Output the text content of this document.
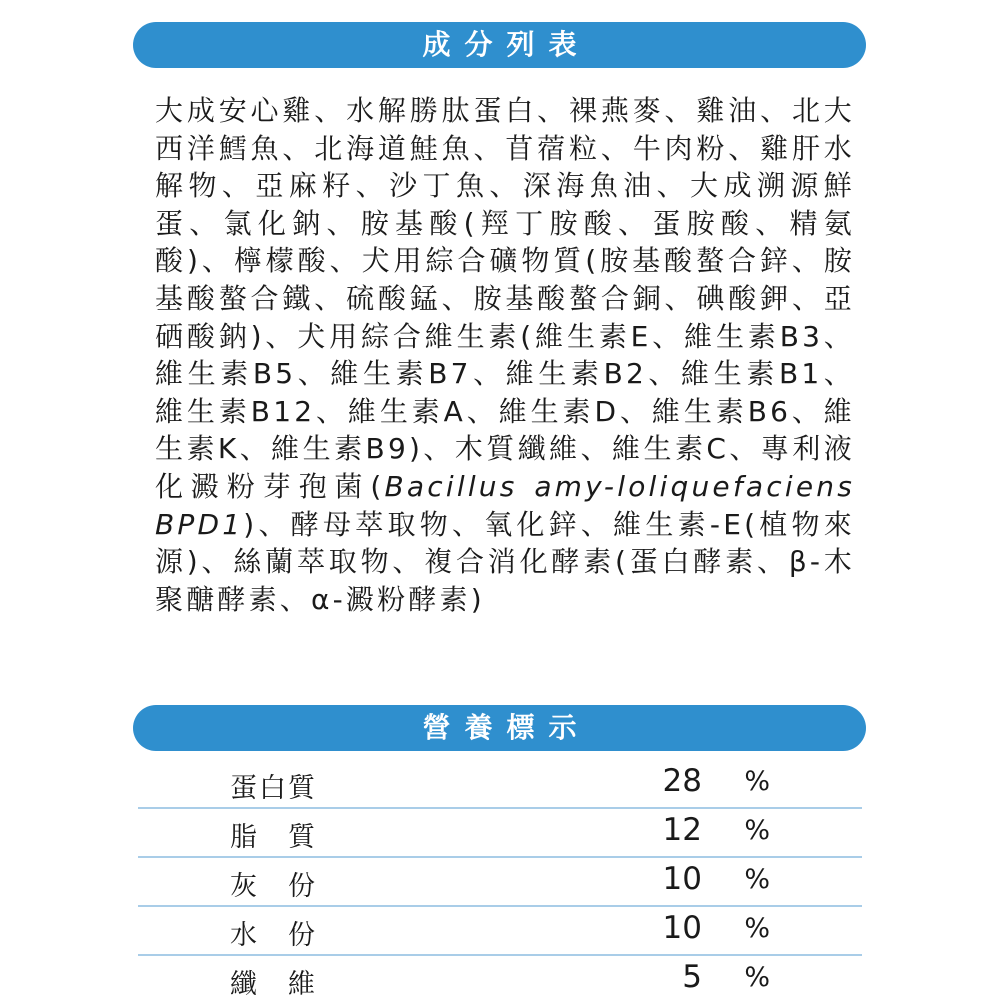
成分列表

大成安心雞、水解勝肽蛋白、裸燕麥、雞油、北大西洋鱈魚、北海道鮭魚、苜蓿粒、牛肉粉、雞肝水解物、亞麻籽、沙丁魚、深海魚油、大成溯源鮮蛋、氯化鈉、胺基酸(羥丁胺酸、蛋胺酸、精氨酸)、檸檬酸、犬用綜合礦物質(胺基酸螯合鋅、胺基酸螯合鐵、硫酸錳、胺基酸螯合銅、碘酸鉀、亞硒酸鈉)、犬用綜合維生素(維生素E、維生素B3、維生素B5、維生素B7、維生素B2、維生素B1、維生素B12、維生素A、維生素D、維生素B6、維生素K、維生素B9)、木質纖維、維生素C、專利液化澱粉芽孢菌(Bacillus amy-loliquefaciens BPD1)、酵母萃取物、氧化鋅、維生素-E(植物來源)、絲蘭萃取物、複合消化酵素(蛋白酵素、β-木聚醣酵素、α-澱粉酵素)

營養標示
蛋白質	28 %
脂　質	12 %
灰　份	10 %
水　份	10 %
纖　維	5 %
